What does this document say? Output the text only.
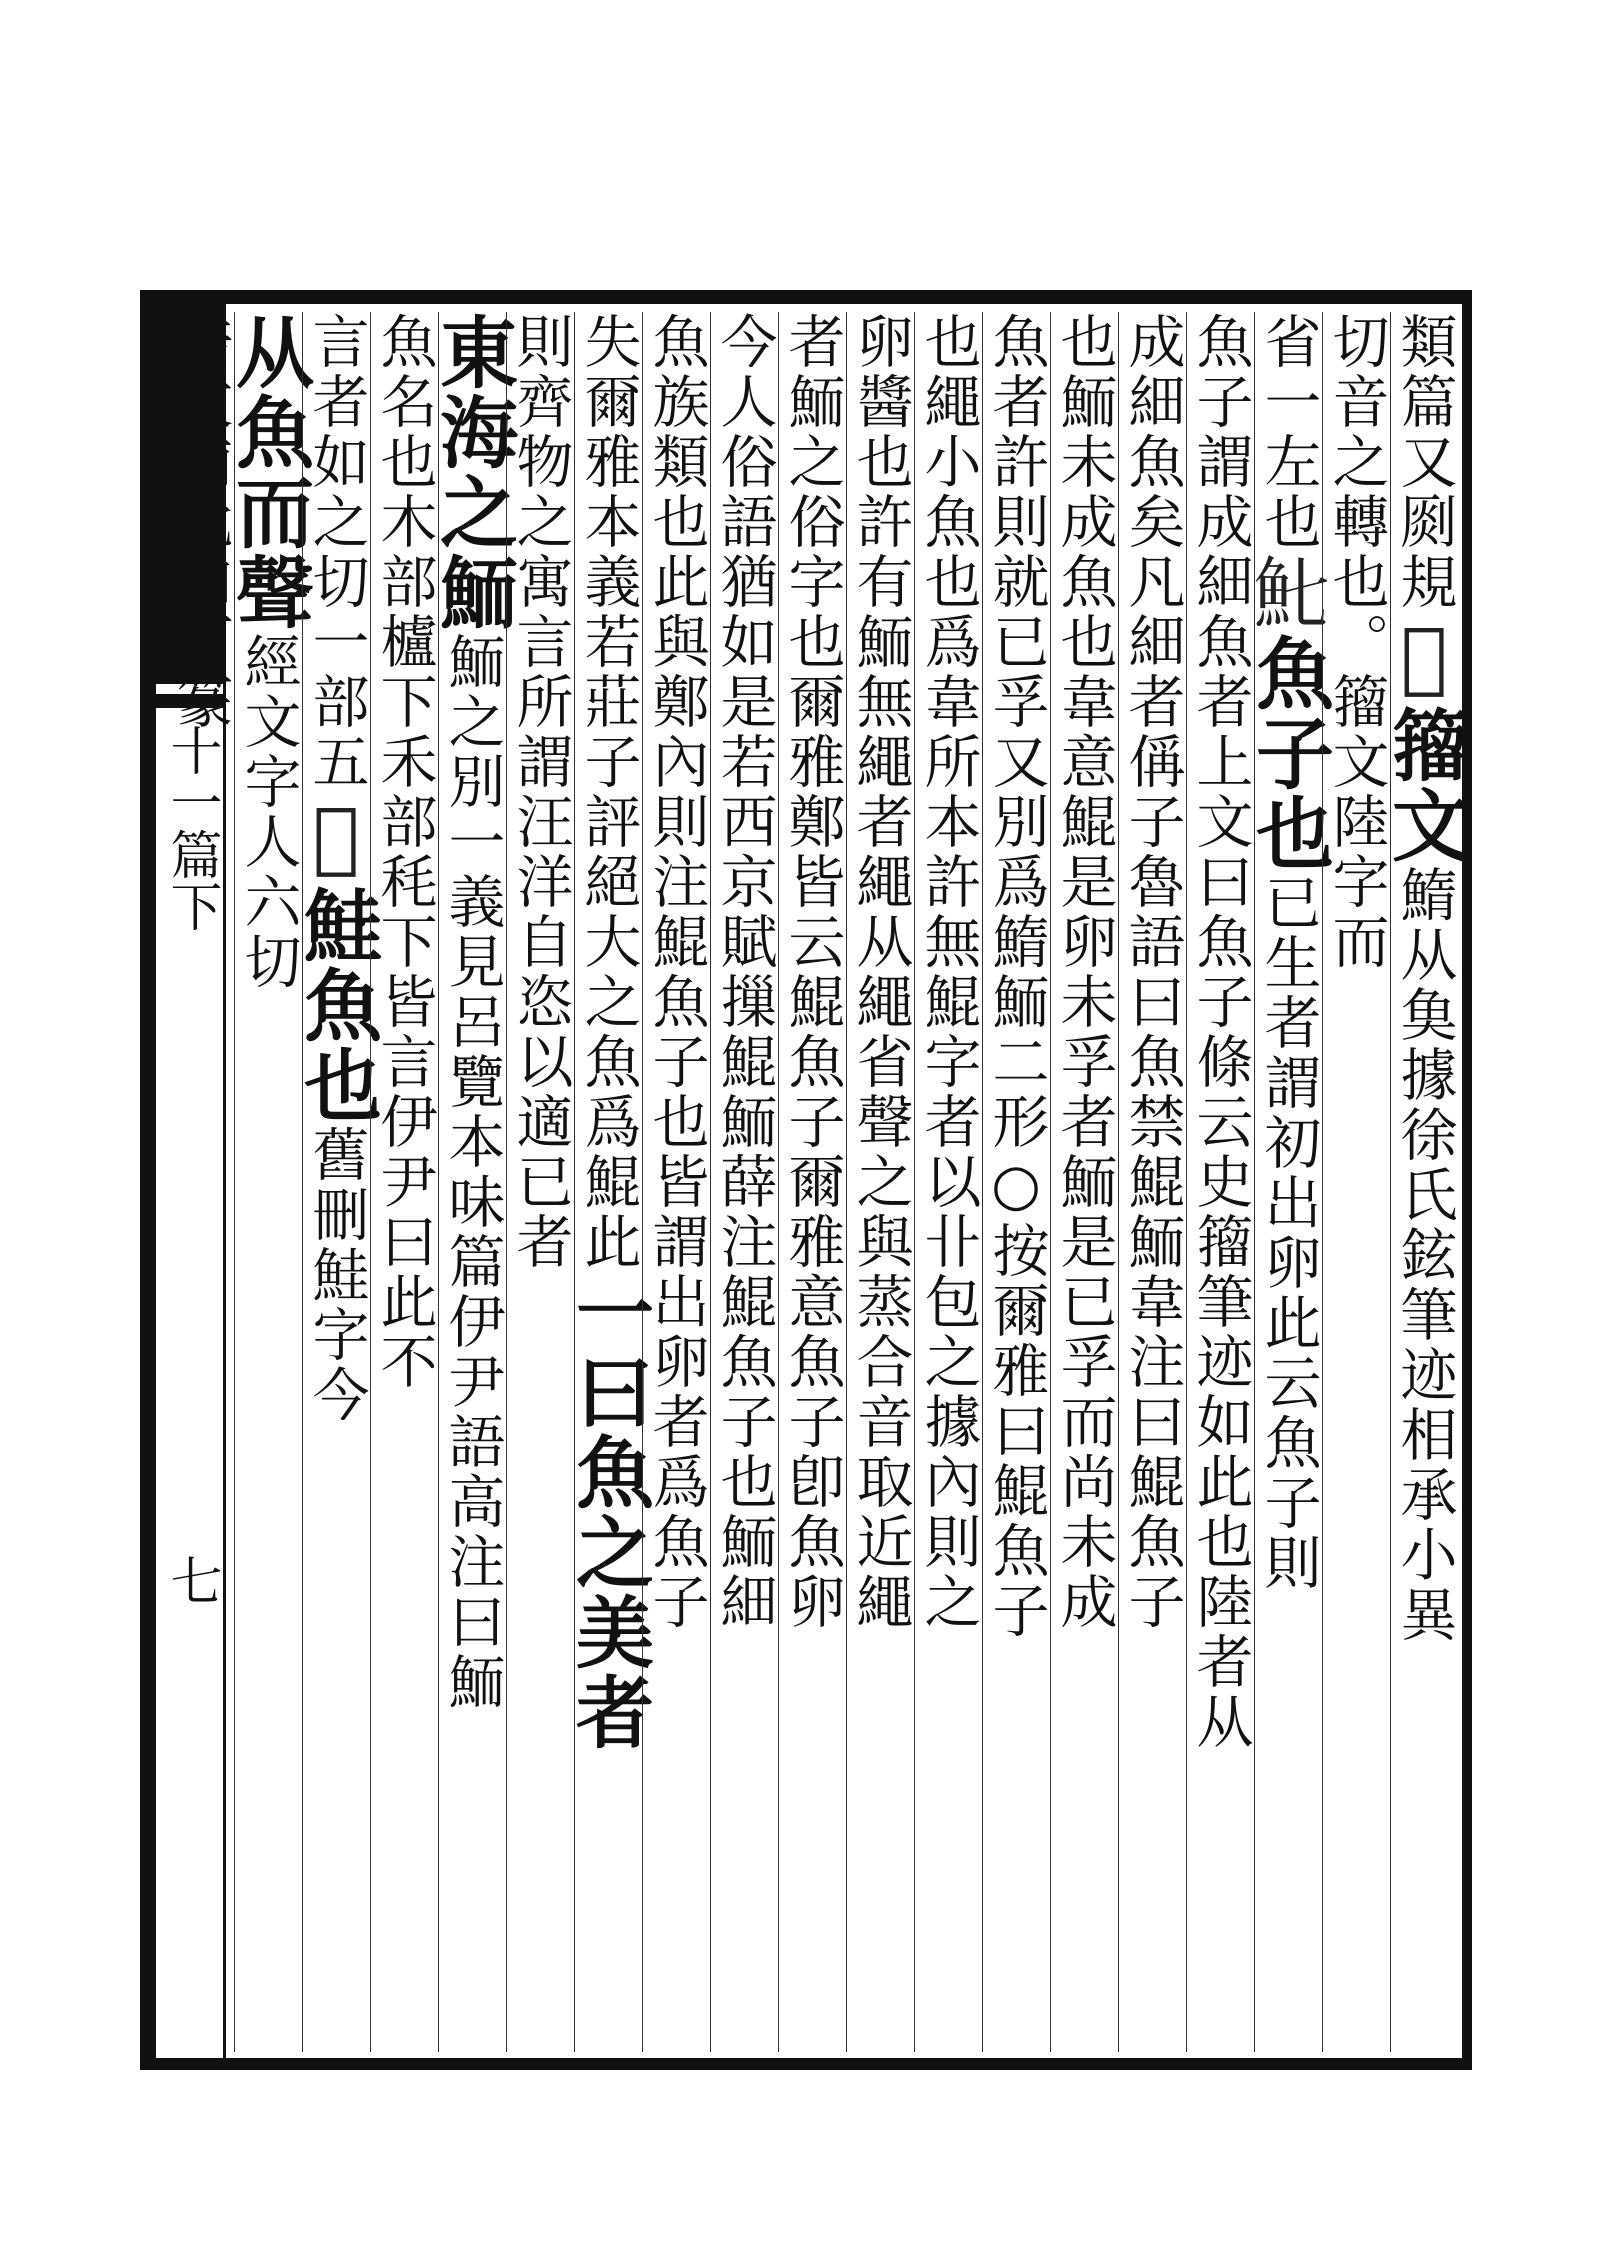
十一篇下
七
類篇又㓹規𩷮籀文鰖从𩵋據徐氏鉉筆迹相承小異
切音之轉也。籀文陸字而
省一左也𩵐魚子也已生者謂初出卵此云魚子則
魚子謂成細魚者上文曰魚子條云史籀筆迹如此也陸者从
成細魚矣凡細者偁子魯語曰魚禁鯤鮞韋注曰鯤魚子
也鮞未成魚也韋意鯤是卵未孚者鮞是已孚而尚未成
魚者許則就已孚又別爲鰖鮞二形○按爾雅曰鯤魚子
也繩小魚也爲韋所本許無鯤字者以卝包之據內則之
卵醬也許有鮞無繩者繩从繩省聲之與蒸合音取近繩
者鮞之俗字也爾雅鄭皆云鯤魚子爾雅意魚子卽魚卵
今人俗語猶如是若西京賦摷鯤鮞薛注鯤魚子也鮞細
魚族類也此與鄭內則注鯤魚子也皆謂出卵者爲魚子
失爾雅本義若莊子評絕大之魚爲鯤此一曰魚之美者
則齊物之寓言所謂汪洋自恣以適已者
東海之鮞鮞之別一義見呂覽本味篇伊尹語高注曰鮞
魚名也木部櫨下禾部秏下皆言伊尹曰此不
言者如之切一部五𩵽鮭魚也舊刪鮭字今
从魚而聲經文字人六切
婄文補此如河篆
